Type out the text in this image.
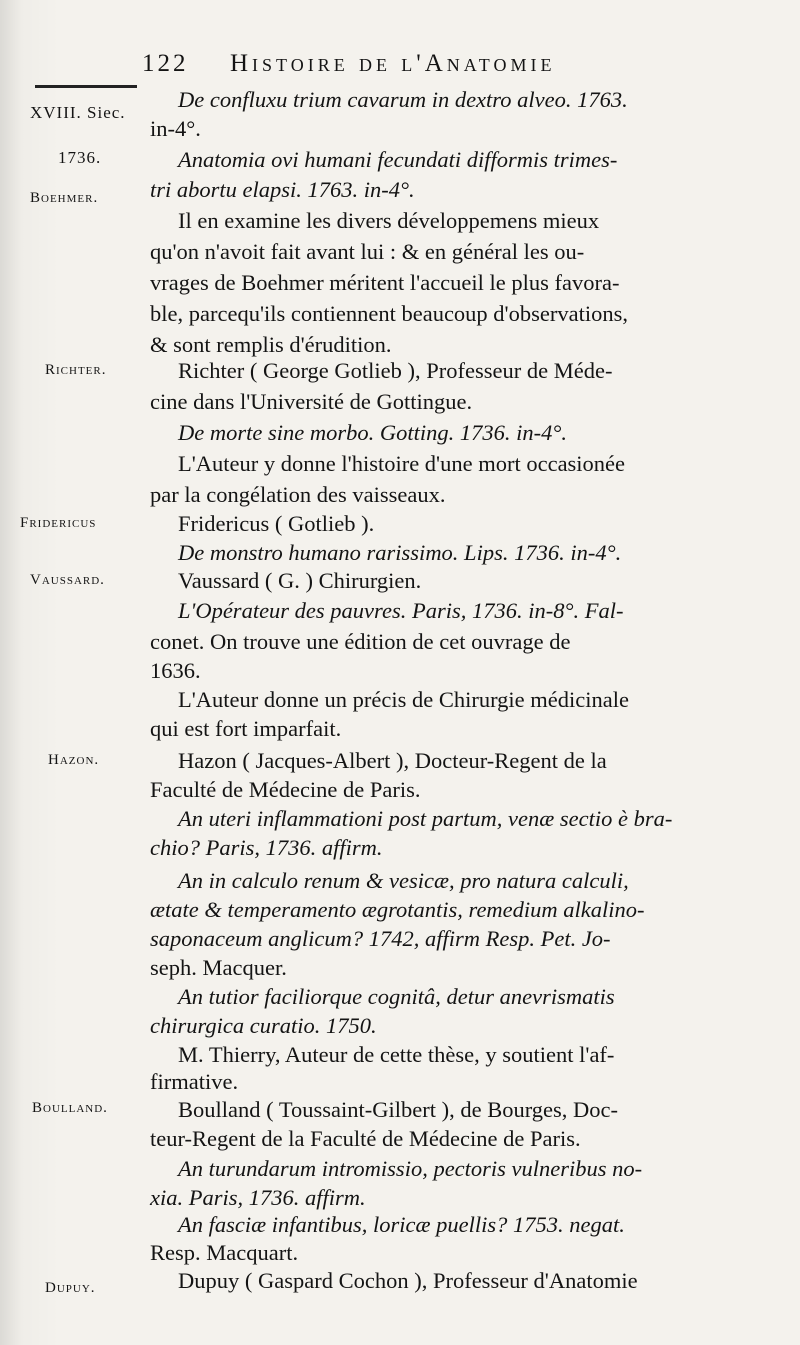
122 Histoire de l'Anatomie
XVIII. Siec.
1736.
Boehmer.
Richter.
Fridericus
Vaussard.
Hazon.
Boulland.
Dupuy.
De confluxu trium cavarum in dextro alveo. 1763.
in-4°.
Anatomia ovi humani fecundati difformis trimes-
tri abortu elapsi. 1763. in-4°.
Il en examine les divers développemens mieux
qu'on n'avoit fait avant lui : & en général les ou-
vrages de Boehmer méritent l'accueil le plus favora-
ble, parcequ'ils contiennent beaucoup d'observations,
& sont remplis d'érudition.
Richter ( George Gotlieb ), Professeur de Méde-
cine dans l'Université de Gottingue.
De morte sine morbo. Gotting. 1736. in-4°.
L'Auteur y donne l'histoire d'une mort occasionée
par la congélation des vaisseaux.
Fridericus ( Gotlieb ).
De monstro humano rarissimo. Lips. 1736. in-4°.
Vaussard ( G. ) Chirurgien.
L'Opérateur des pauvres. Paris, 1736. in-8°. Fal-
conet. On trouve une édition de cet ouvrage de
1636.
L'Auteur donne un précis de Chirurgie médicinale
qui est fort imparfait.
Hazon ( Jacques-Albert ), Docteur-Regent de la
Faculté de Médecine de Paris.
An uteri inflammationi post partum, venæ sectio è bra-
chio? Paris, 1736. affirm.
An in calculo renum & vesicæ, pro natura calculi,
ætate & temperamento ægrotantis, remedium alkalino-
saponaceum anglicum? 1742, affirm Resp. Pet. Jo-
seph. Macquer.
An tutior faciliorque cognitâ, detur anevrismatis
chirurgica curatio. 1750.
M. Thierry, Auteur de cette thèse, y soutient l'af-
firmative.
Boulland ( Toussaint-Gilbert ), de Bourges, Doc-
teur-Regent de la Faculté de Médecine de Paris.
An turundarum intromissio, pectoris vulneribus no-
xia. Paris, 1736. affirm.
An fasciæ infantibus, loricæ puellis? 1753. negat.
Resp. Macquart.
Dupuy ( Gaspard Cochon ), Professeur d'Anatomie
